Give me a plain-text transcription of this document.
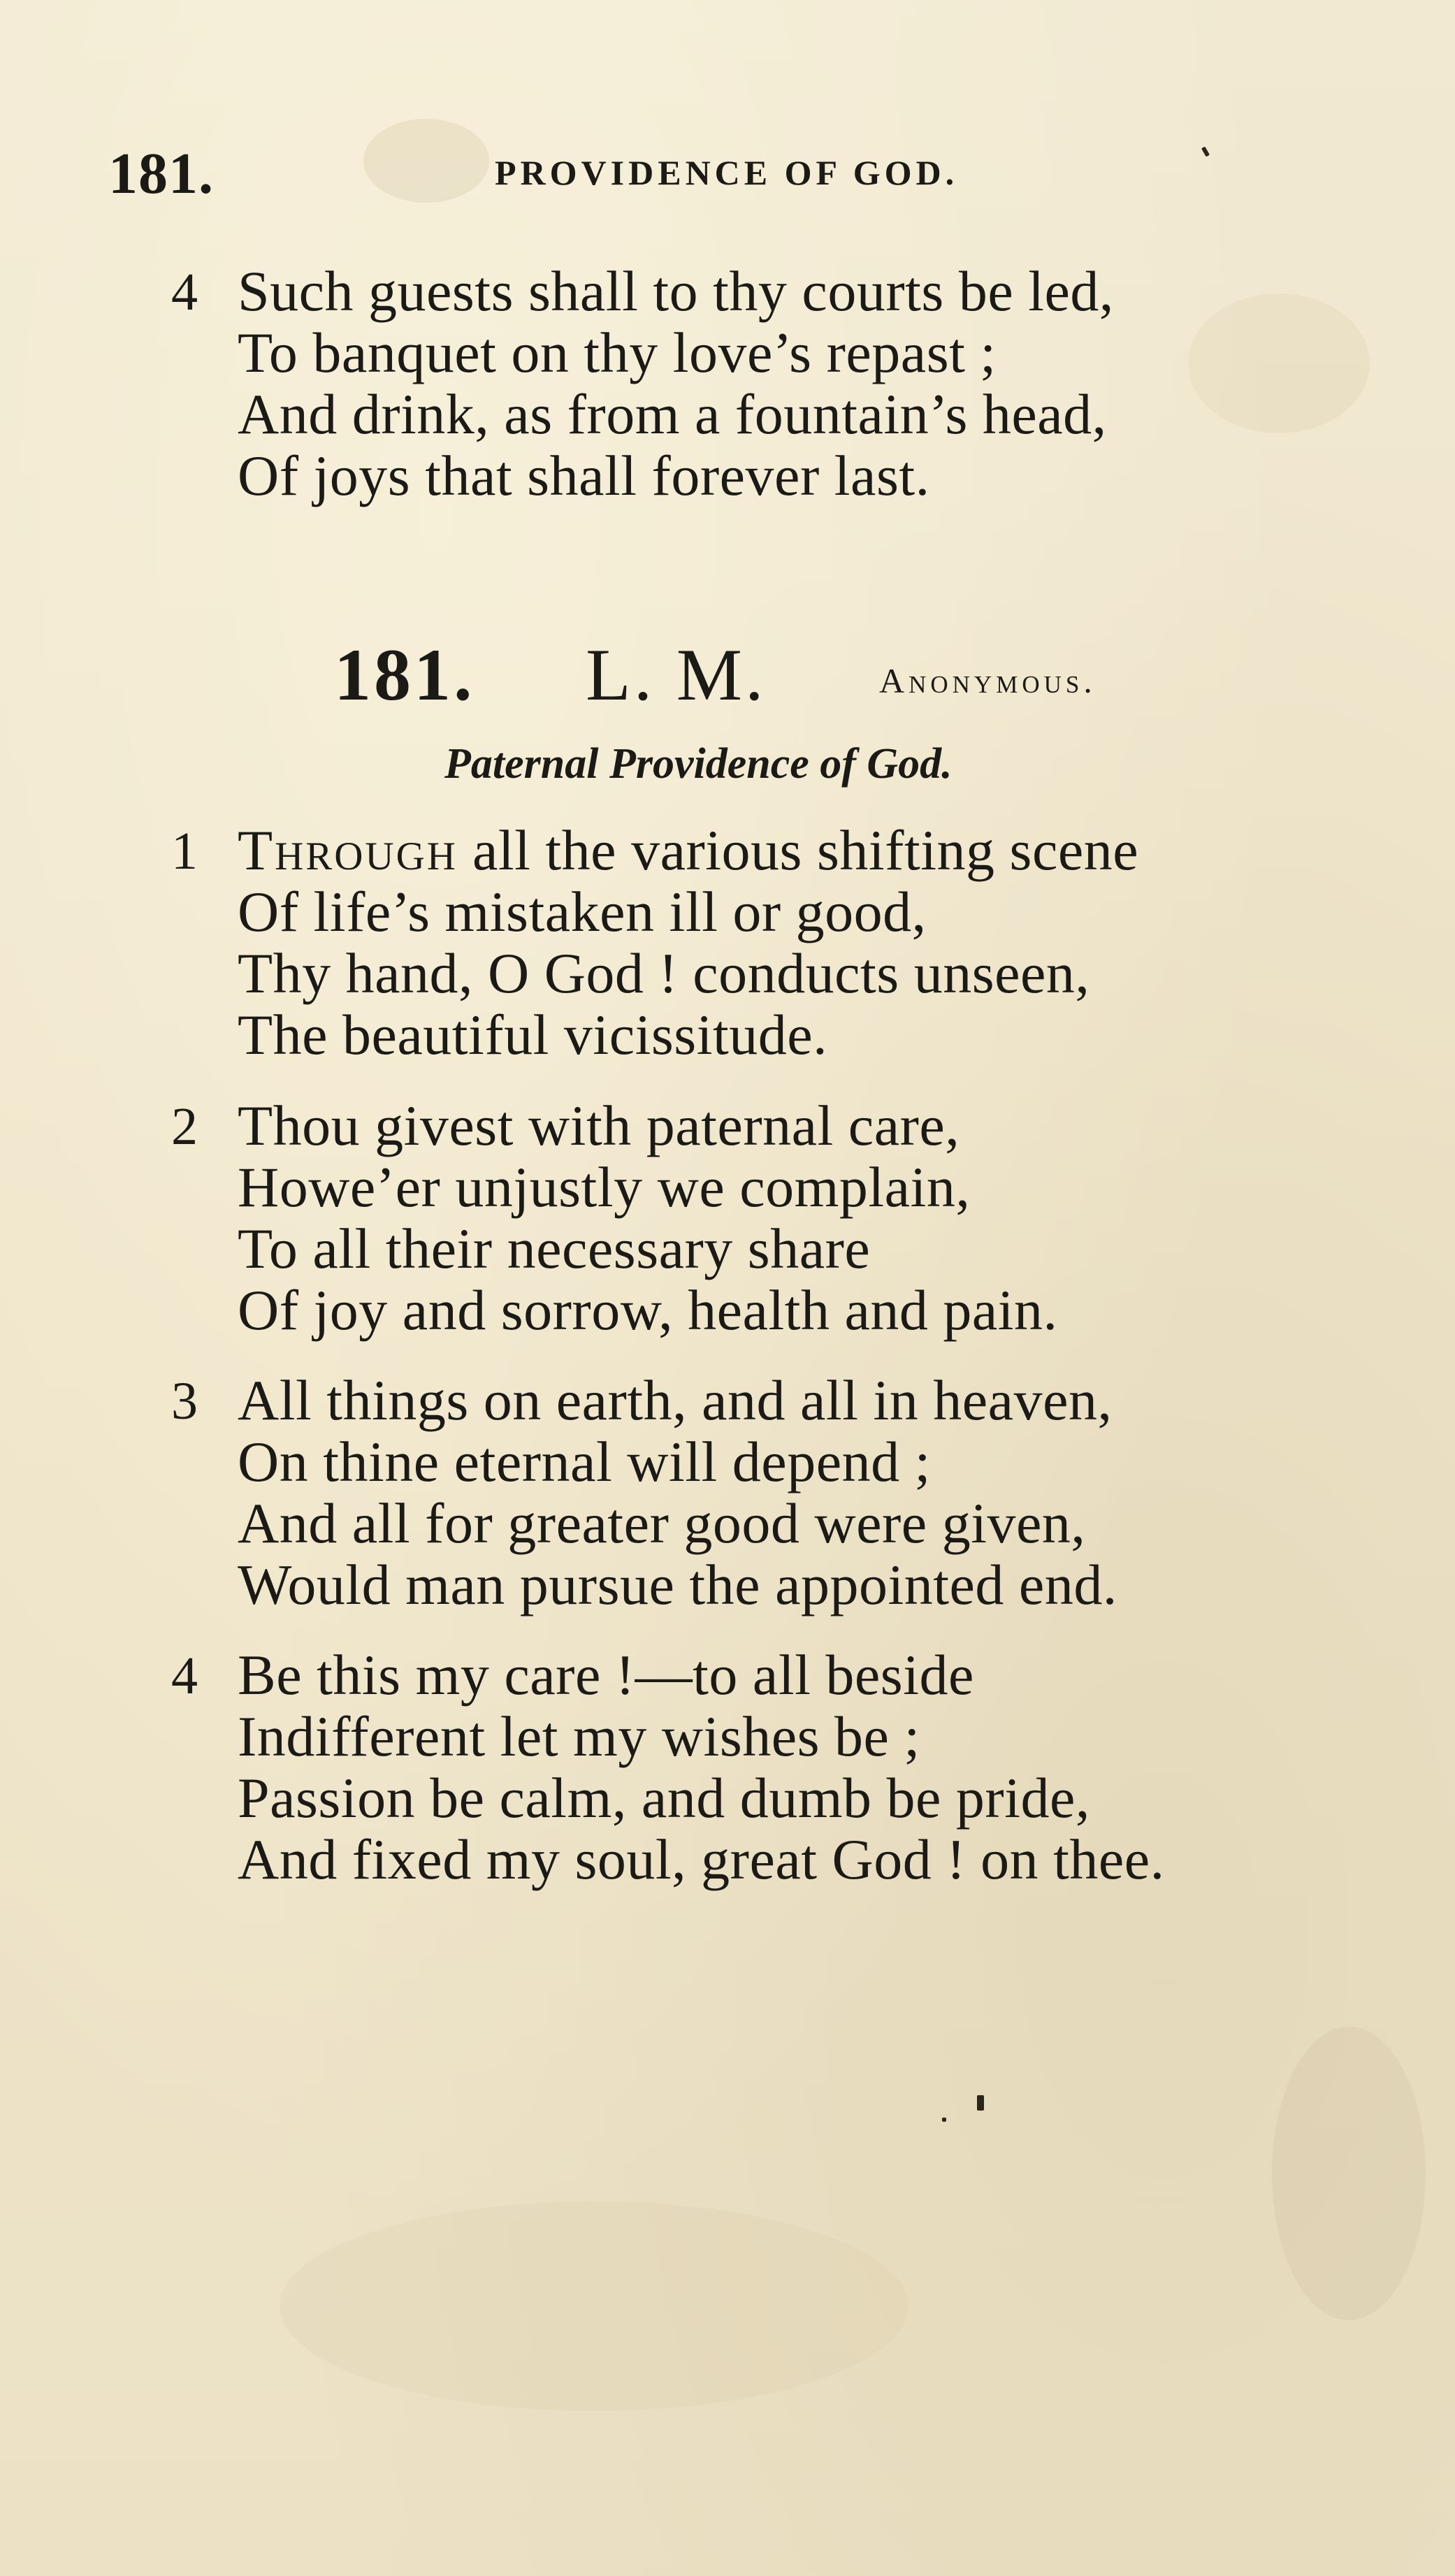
181.	PROVIDENCE OF GOD.
4 Such guests shall to thy courts be led,
To banquet on thy love’s repast ;
And drink, as from a fountain’s head,
Of joys that shall forever last.
181. L. M.	Anonymous.
Paternal Providence of God.
1 Through all the various shifting scene
Of life’s mistaken ill or good,
Thy hand, O God ! conducts unseen,
The beautiful vicissitude.
2 Thou givest with paternal care,
Howe’er unjustly we complain,
To all their necessary share
Of joy and sorrow, health and pain.
3 All things on earth, and all in heaven,
On thine eternal will depend ;
And all for greater good were given,
Would man pursue the appointed end.
4 Be this my care !—to all beside
Indifferent let my wishes be ;
Passion be calm, and dumb be pride,
And fixed my soul, great God ! on thee.
